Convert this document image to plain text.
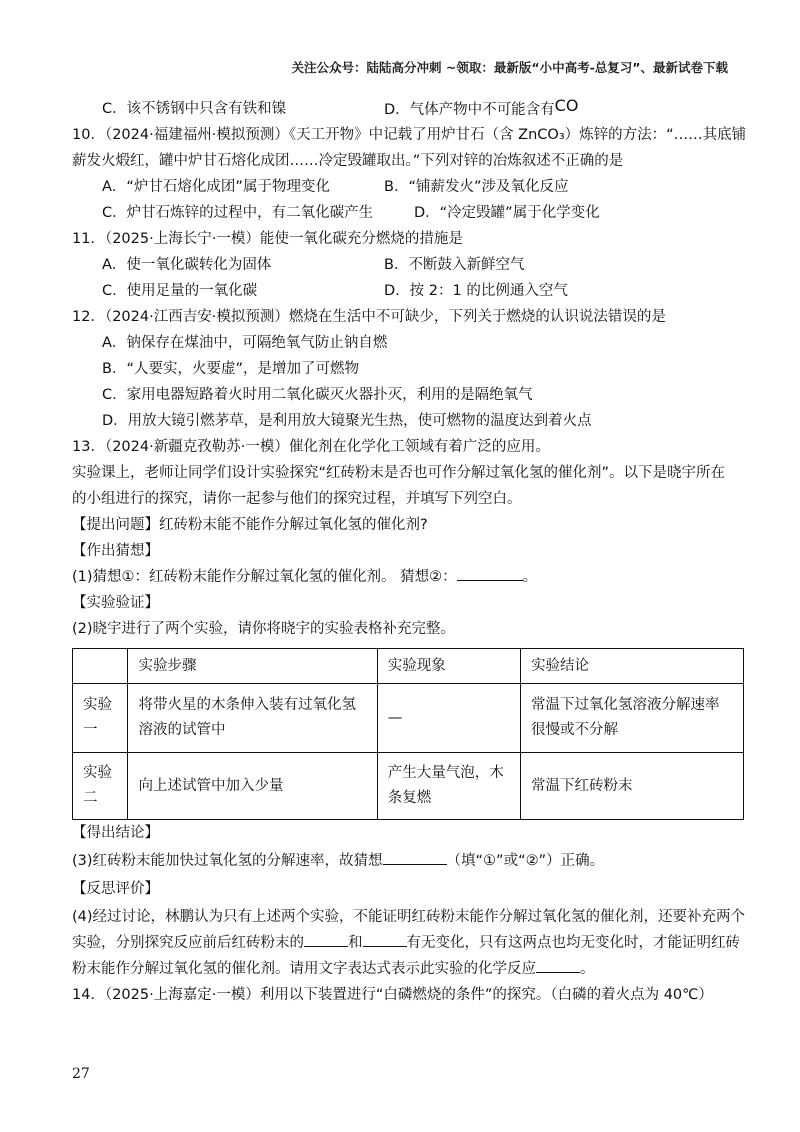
关注公众号：陆陆高分冲刺 ~领取：最新版“小中高考-总复习”、最新试卷下载
C．该不锈钢中只含有铁和镍	D．气体产物中不可能含有CO
10．（2024·福建福州·模拟预测）《天工开物》中记载了用炉甘石（含 ZnCO₃）炼锌的方法：“……其底铺
薪发火煅红，罐中炉甘石熔化成团……冷定毁罐取出。”下列对锌的冶炼叙述不正确的是
A．“炉甘石熔化成团”属于物理变化	B．“铺薪发火”涉及氧化反应
C．炉甘石炼锌的过程中，有二氧化碳产生	D．“冷定毁罐”属于化学变化
11．（2025·上海长宁·一模）能使一氧化碳充分燃烧的措施是
A．使一氧化碳转化为固体	B．不断鼓入新鲜空气
C．使用足量的一氧化碳	D．按 2：1 的比例通入空气
12．（2024·江西吉安·模拟预测）燃烧在生活中不可缺少，下列关于燃烧的认识说法错误的是
A．钠保存在煤油中，可隔绝氧气防止钠自燃
B．“人要实，火要虚”，是增加了可燃物
C．家用电器短路着火时用二氧化碳灭火器扑灭，利用的是隔绝氧气
D．用放大镜引燃茅草，是利用放大镜聚光生热，使可燃物的温度达到着火点
13．（2024·新疆克孜勒苏·一模）催化剂在化学化工领域有着广泛的应用。
实验课上，老师让同学们设计实验探究“红砖粉末是否也可作分解过氧化氢的催化剂”。以下是晓宇所在
的小组进行的探究，请你一起参与他们的探究过程，并填写下列空白。
【提出问题】红砖粉末能不能作分解过氧化氢的催化剂?
【作出猜想】
(1)猜想①：红砖粉末能作分解过氧化氢的催化剂。 猜想②：	。
【实验验证】
(2)晓宇进行了两个实验，请你将晓宇的实验表格补充完整。
	实验步骤	实验现象	实验结论
实验一	将带火星的木条伸入装有过氧化氢溶液的试管中	—	常温下过氧化氢溶液分解速率很慢或不分解
实验二	向上述试管中加入少量	产生大量气泡，木条复燃	常温下红砖粉末
【得出结论】
(3)红砖粉末能加快过氧化氢的分解速率，故猜想	（填“①”或“②”）正确。
【反思评价】
(4)经过讨论，林鹏认为只有上述两个实验，不能证明红砖粉末能作分解过氧化氢的催化剂，还要补充两个
实验，分别探究反应前后红砖粉末的	和	有无变化，只有这两点也均无变化时，才能证明红砖
粉末能作分解过氧化氢的催化剂。请用文字表达式表示此实验的化学反应	。
14．（2025·上海嘉定·一模）利用以下装置进行“白磷燃烧的条件”的探究。（白磷的着火点为 40℃）
27
